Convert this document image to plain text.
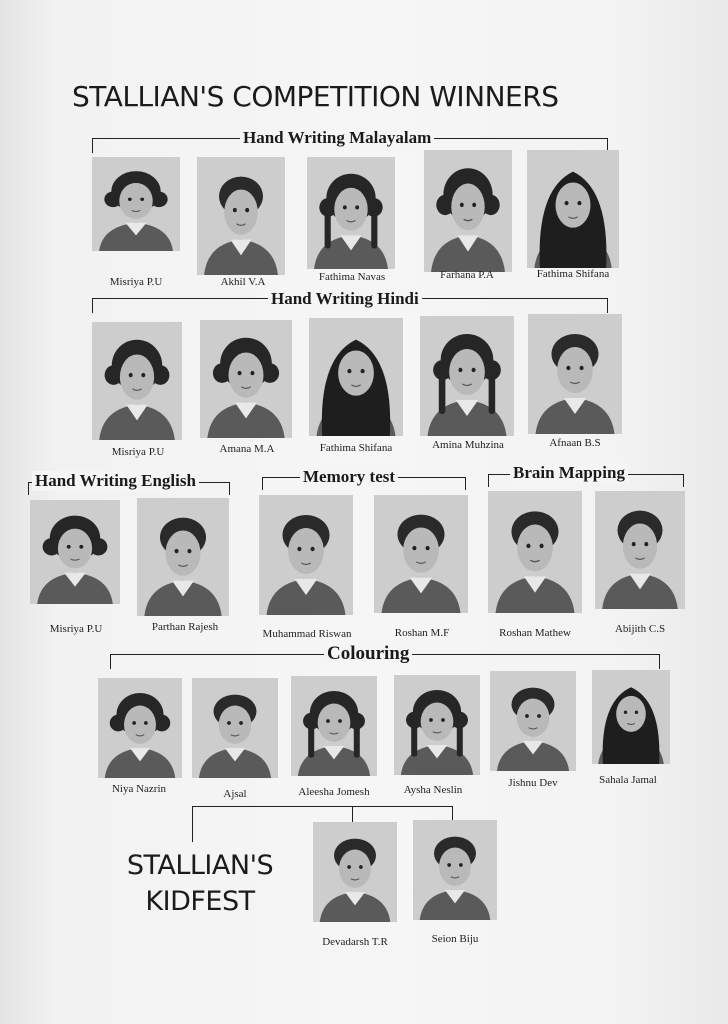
STALLIAN'S COMPETITION WINNERS
Hand Writing Malayalam
Hand Writing Hindi
Hand Writing English	Memory test	Brain Mapping
Colouring
STALLIAN'S
KIDFEST
Misriya P.U	Akhil V.A	Fathima Navas	Farhana P.A	Fathima Shifana
Misriya P.U	Amana M.A	Fathima Shifana	Amina Muhzina	Afnaan B.S
Misriya P.U	Parthan Rajesh
Muhammad Riswan	Roshan M.F	Roshan Mathew	Abijith C.S
Niya Nazrin	Ajsal	Aleesha Jomesh	Aysha Neslin
Jishnu Dev	Sahala Jamal
Devadarsh T.R	Seion Biju
